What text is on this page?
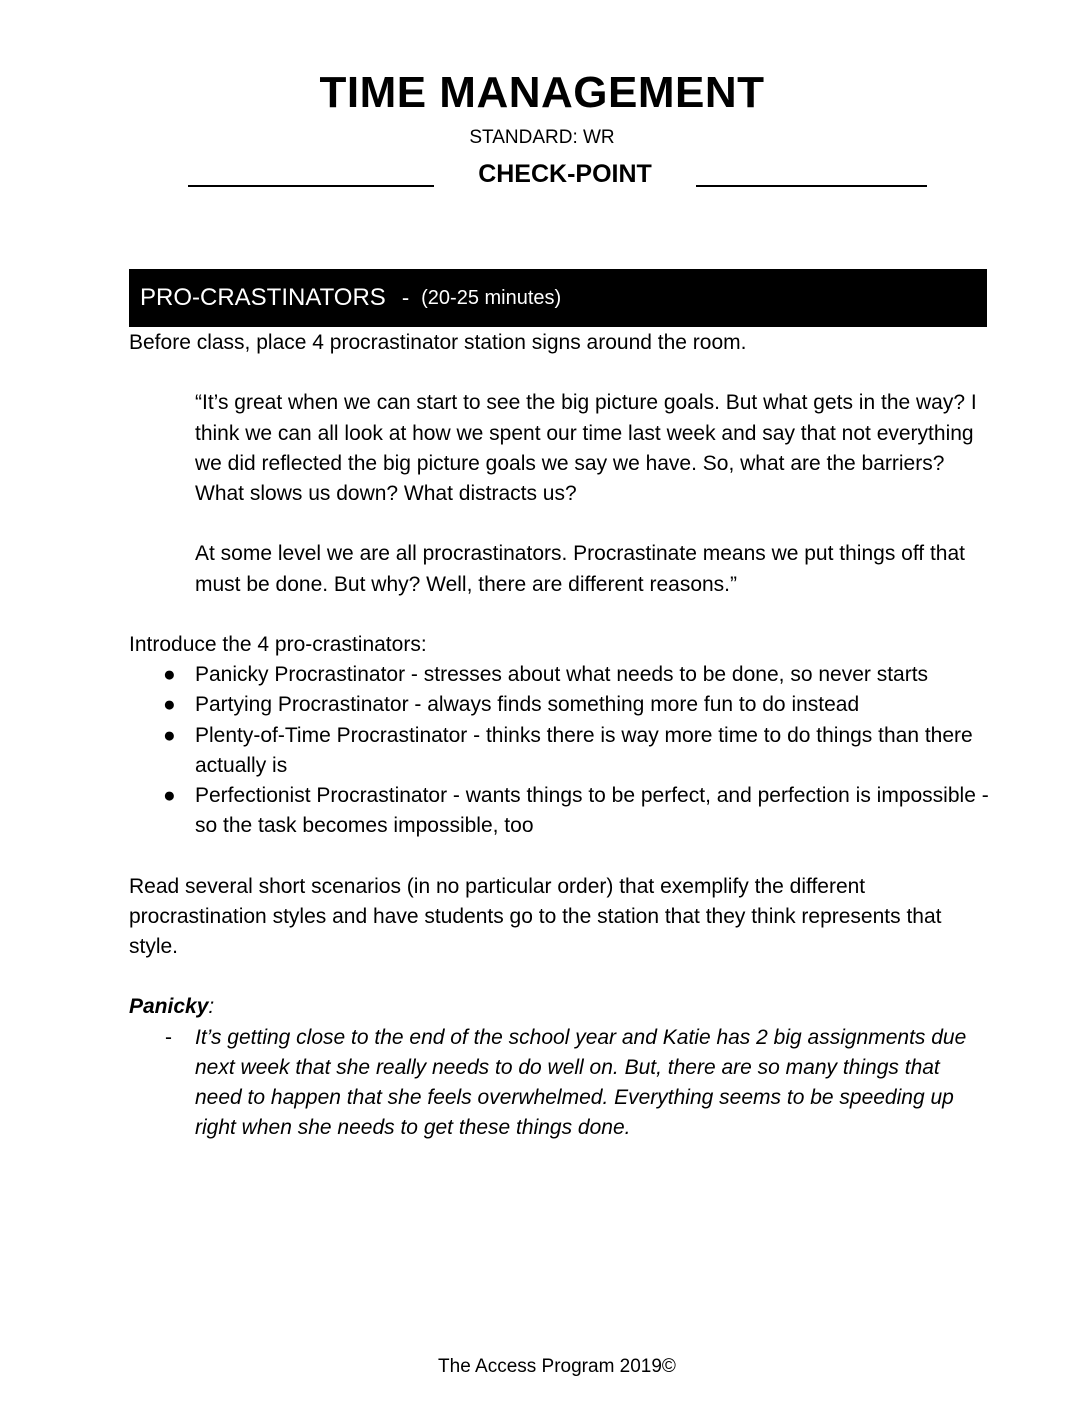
TIME MANAGEMENT
STANDARD: WR
CHECK-POINT
PRO-CRASTINATORS - (20-25 minutes)

Before class, place 4 procrastinator station signs around the room.

“It’s great when we can start to see the big picture goals. But what gets in the way? I think we can all look at how we spent our time last week and say that not everything we did reflected the big picture goals we say we have. So, what are the barriers? What slows us down? What distracts us?

At some level we are all procrastinators. Procrastinate means we put things off that must be done. But why? Well, there are different reasons.”

Introduce the 4 pro-crastinators:

● Panicky Procrastinator - stresses about what needs to be done, so never starts
● Partying Procrastinator - always finds something more fun to do instead
● Plenty-of-Time Procrastinator - thinks there is way more time to do things than there actually is
● Perfectionist Procrastinator - wants things to be perfect, and perfection is impossible - so the task becomes impossible, too

Read several short scenarios (in no particular order) that exemplify the different procrastination styles and have students go to the station that they think represents that style.

Panicky:

- It’s getting close to the end of the school year and Katie has 2 big assignments due next week that she really needs to do well on. But, there are so many things that need to happen that she feels overwhelmed. Everything seems to be speeding up right when she needs to get these things done.
The Access Program 2019©
